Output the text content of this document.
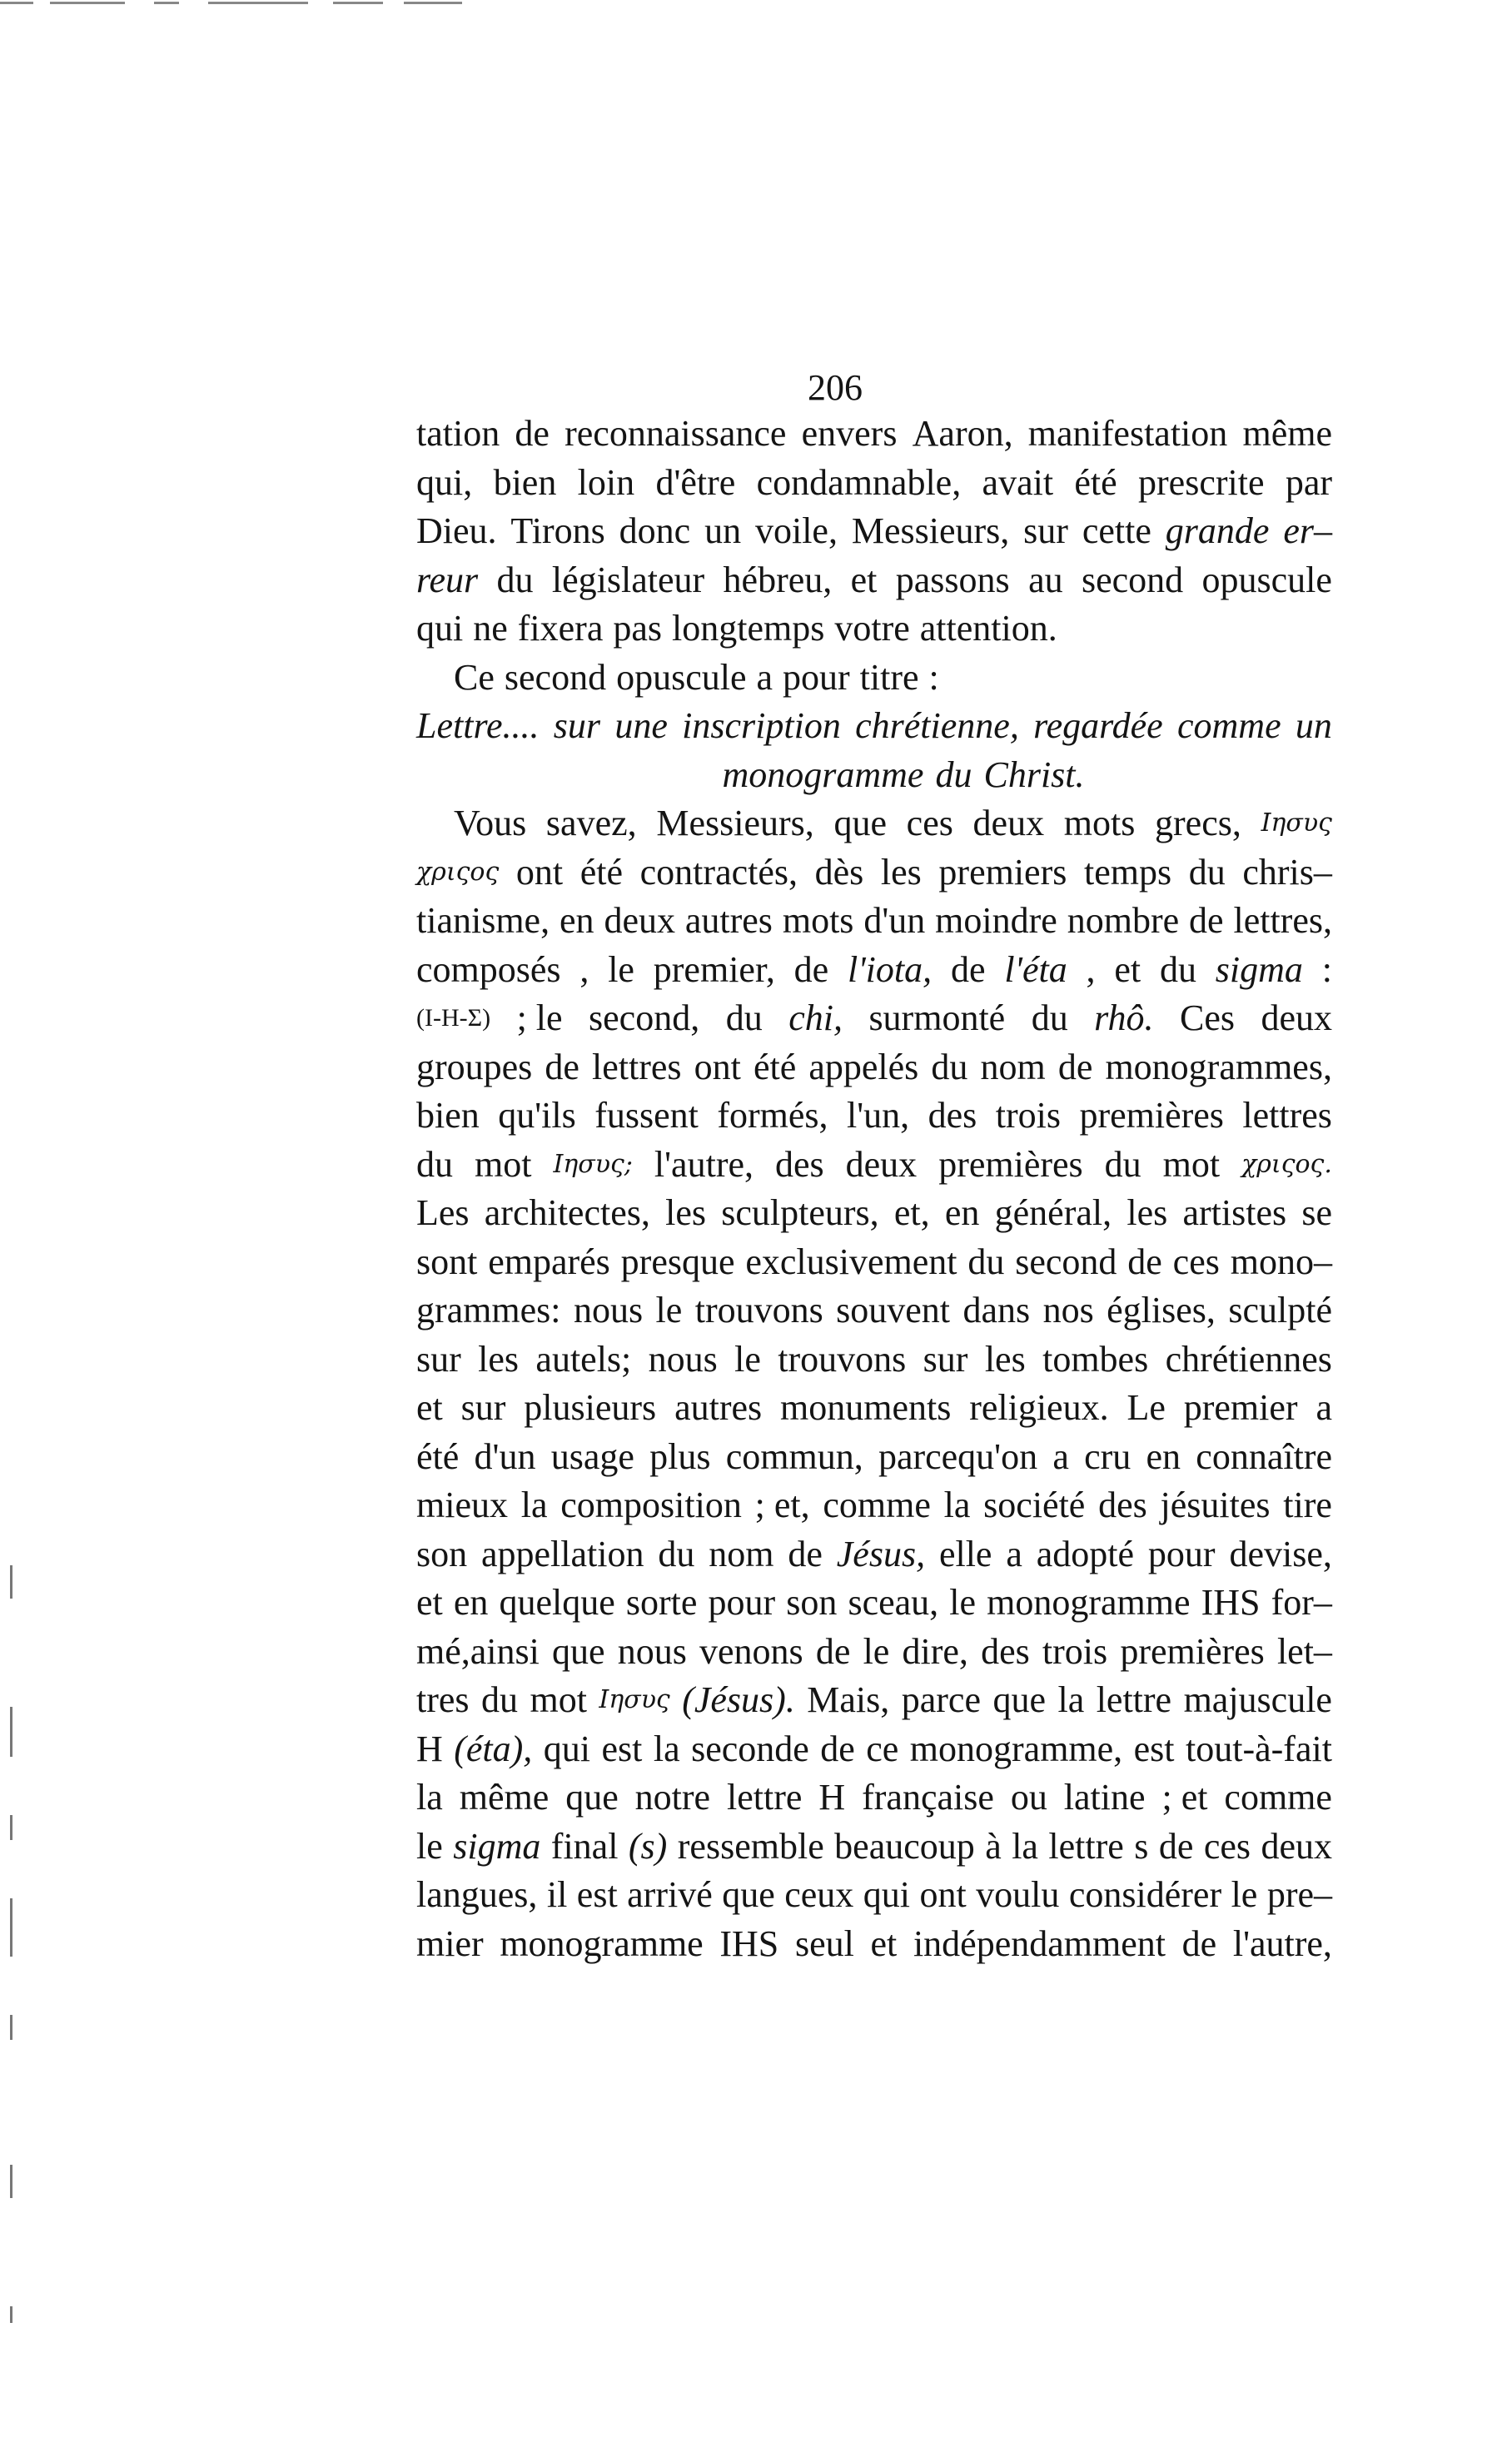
206
tation de reconnaissance envers Aaron, manifestation même
qui, bien loin d'être condamnable, avait été prescrite par
Dieu. Tirons donc un voile, Messieurs, sur cette grande er–
reur du législateur hébreu, et passons au second opuscule
qui ne fixera pas longtemps votre attention.
Ce second opuscule a pour titre :
Lettre.... sur une inscription chrétienne, regardée comme un
monogramme du Christ.
Vous savez, Messieurs, que ces deux mots grecs, Ιησυς
χριςος ont été contractés, dès les premiers temps du chris–
tianisme, en deux autres mots d'un moindre nombre de lettres,
composés , le premier, de l'iota, de l'éta , et du sigma :
(Ι-Η-Σ) ; le second, du chi, surmonté du rhô. Ces deux
groupes de lettres ont été appelés du nom de monogrammes,
bien qu'ils fussent formés, l'un, des trois premières lettres
du mot Ιησυς; l'autre, des deux premières du mot χριςος.
Les architectes, les sculpteurs, et, en général, les artistes se
sont emparés presque exclusivement du second de ces mono–
grammes: nous le trouvons souvent dans nos églises, sculpté
sur les autels; nous le trouvons sur les tombes chrétiennes
et sur plusieurs autres monuments religieux. Le premier a
été d'un usage plus commun, parcequ'on a cru en connaître
mieux la composition ; et, comme la société des jésuites tire
son appellation du nom de Jésus, elle a adopté pour devise,
et en quelque sorte pour son sceau, le monogramme IHS for–
mé,ainsi que nous venons de le dire, des trois premières let–
tres du mot Ιησυς (Jésus). Mais, parce que la lettre majuscule
H (éta), qui est la seconde de ce monogramme, est tout-à-fait
la même que notre lettre H française ou latine ; et comme
le sigma final (s) ressemble beaucoup à la lettre s de ces deux
langues, il est arrivé que ceux qui ont voulu considérer le pre–
mier monogramme IHS seul et indépendamment de l'autre,
